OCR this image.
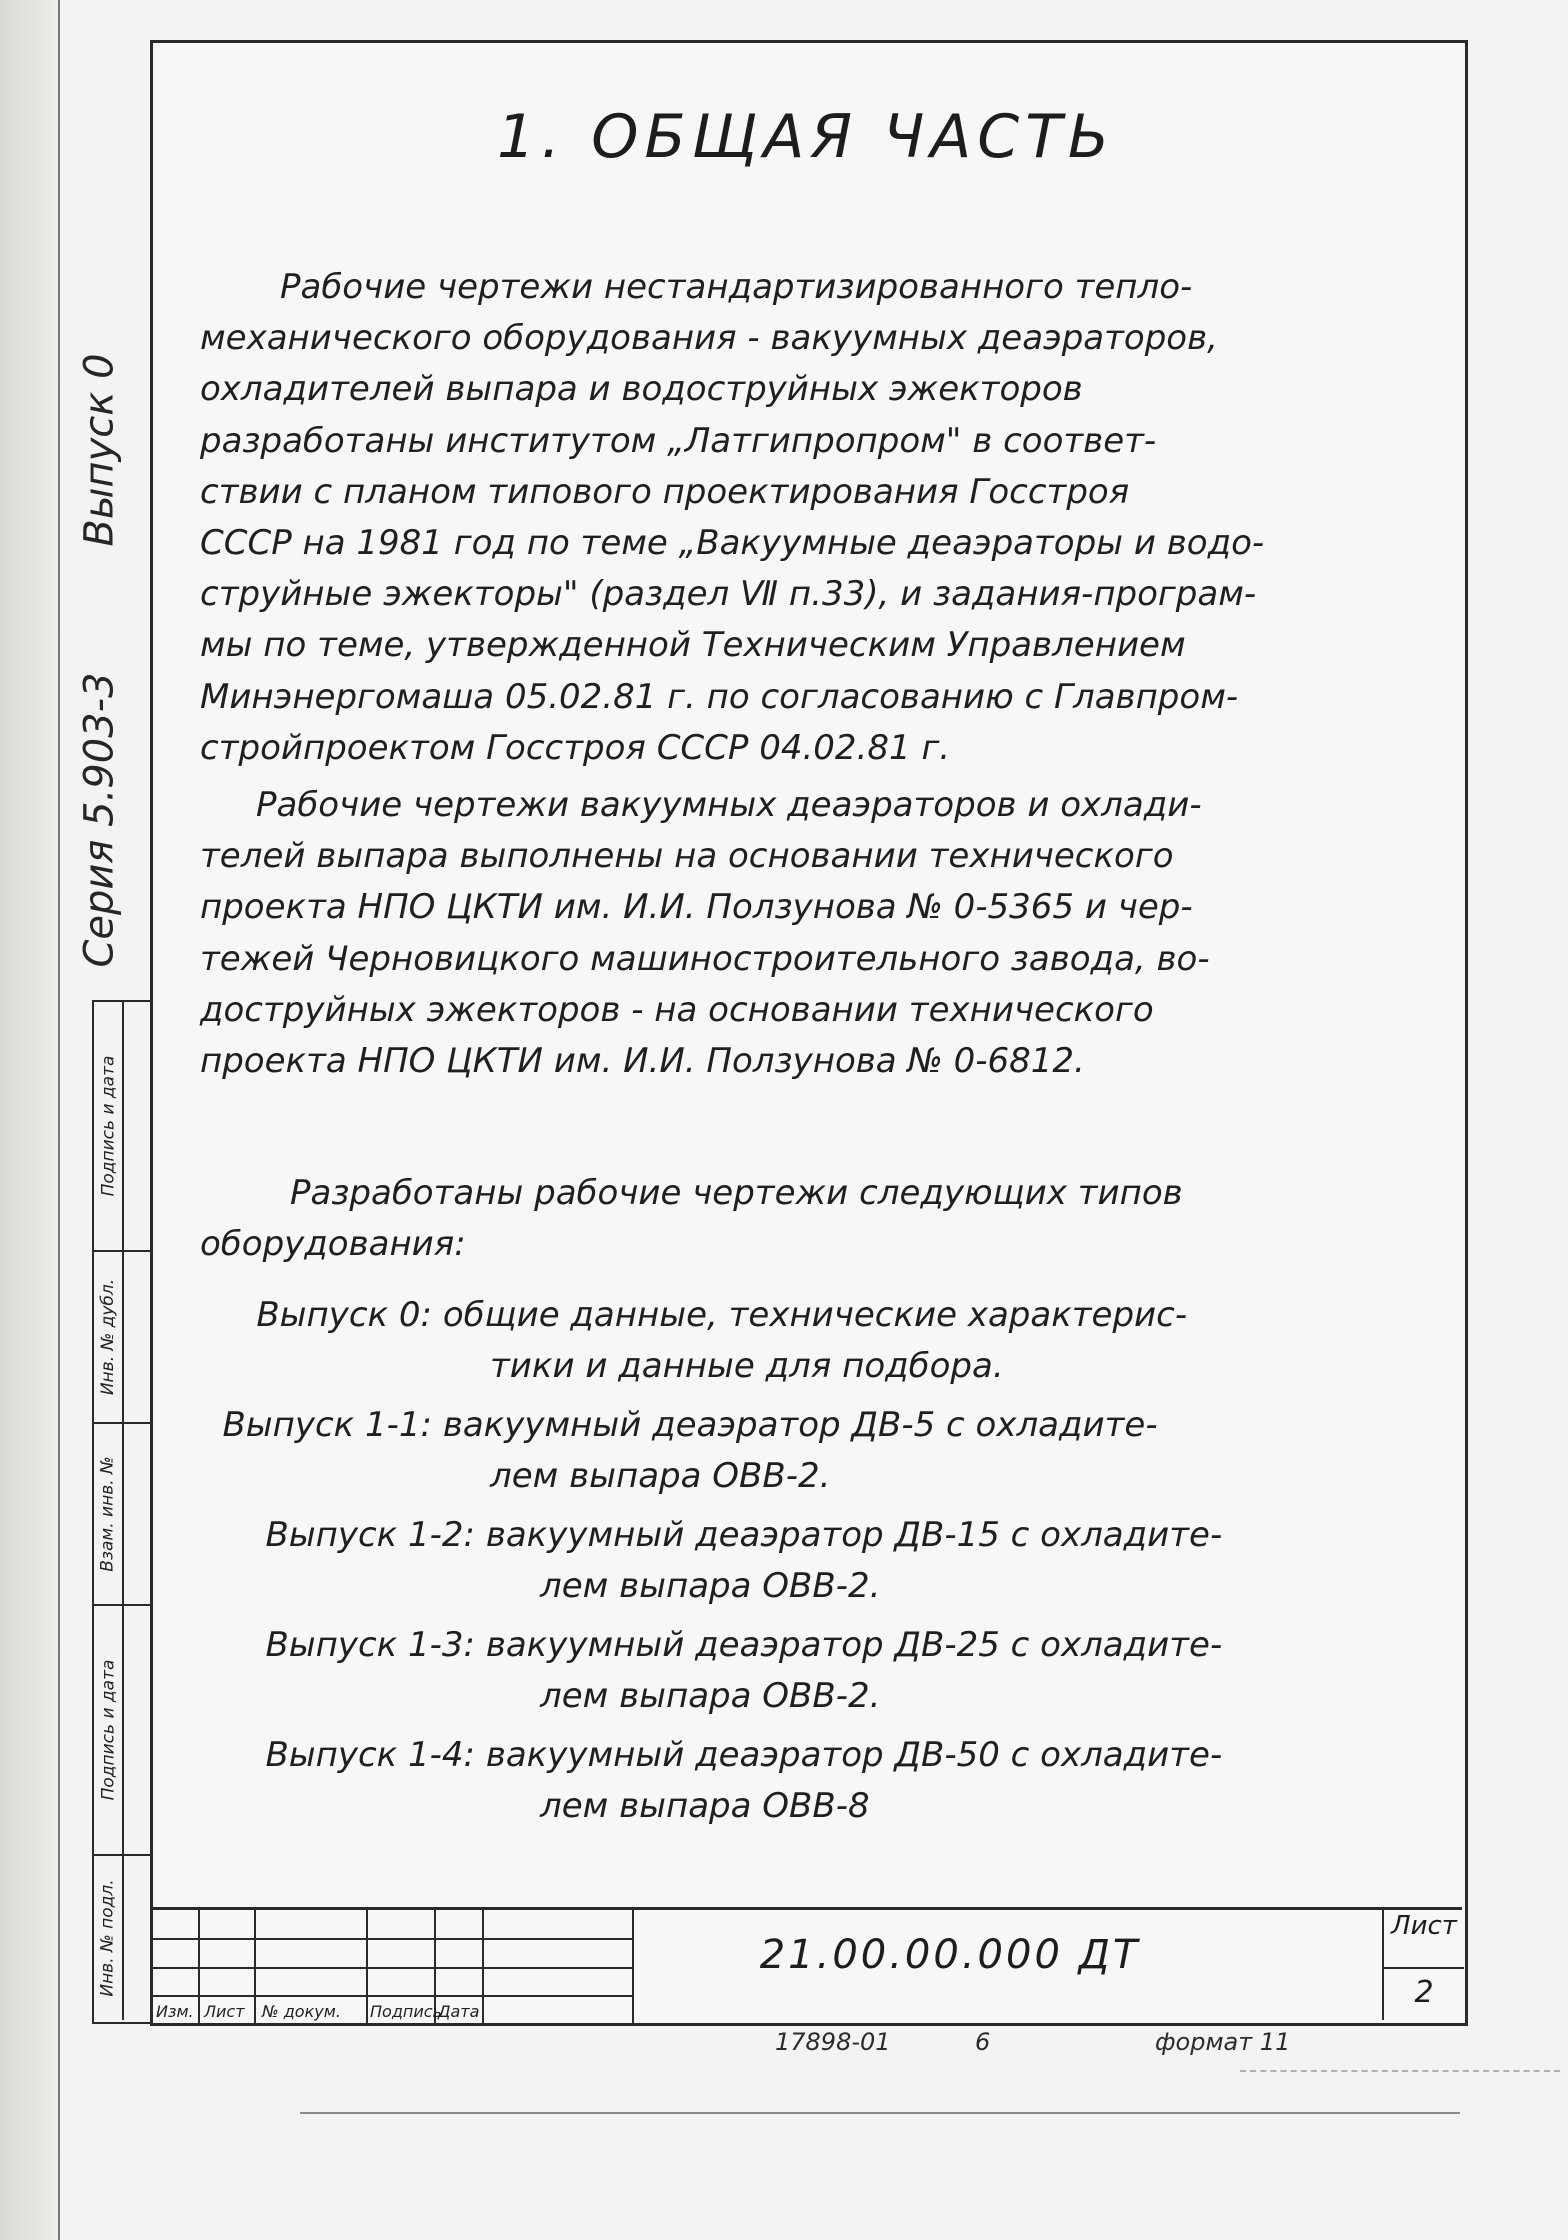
Выпуск 0
Серия 5.903-3
Подпись и дата
Инв. № дубл.
Взам. инв. №
Подпись и дата
Инв. № подл.
1. ОБЩАЯ ЧАСТЬ
Рабочие чертежи нестандартизированного тепло-
механического оборудования - вакуумных деаэраторов,
охладителей выпара и водоструйных эжекторов
разработаны институтом „Латгипропром" в соответ-
ствии с планом типового проектирования Госстроя
СССР на 1981 год по теме „Вакуумные деаэраторы и водо-
струйные эжекторы" (раздел Ⅶ п.33), и задания-програм-
мы по теме, утвержденной Техническим Управлением
Минэнергомаша 05.02.81 г. по согласованию с Главпром-
стройпроектом Госстроя СССР 04.02.81 г.
Рабочие чертежи вакуумных деаэраторов и охлади-
телей выпара выполнены на основании технического
проекта НПО ЦКТИ им. И.И. Ползунова № 0-5365 и чер-
тежей Черновицкого машиностроительного завода, во-
доструйных эжекторов - на основании технического
проекта НПО ЦКТИ им. И.И. Ползунова № 0-6812.
Разработаны рабочие чертежи следующих типов
оборудования:
Выпуск 0: общие данные, технические характерис-
тики и данные для подбора.
Выпуск 1-1: вакуумный деаэратор ДВ-5 с охладите-
лем выпара ОВВ-2.
Выпуск 1-2: вакуумный деаэратор ДВ-15 с охладите-
лем выпара ОВВ-2.
Выпуск 1-3: вакуумный деаэратор ДВ-25 с охладите-
лем выпара ОВВ-2.
Выпуск 1-4: вакуумный деаэратор ДВ-50 с охладите-
лем выпара ОВВ-8
Изм. Лист № докум. Подпись
Дата
21.00.00.000 ДТ
Лист
2
17898-01	6	формат 11
